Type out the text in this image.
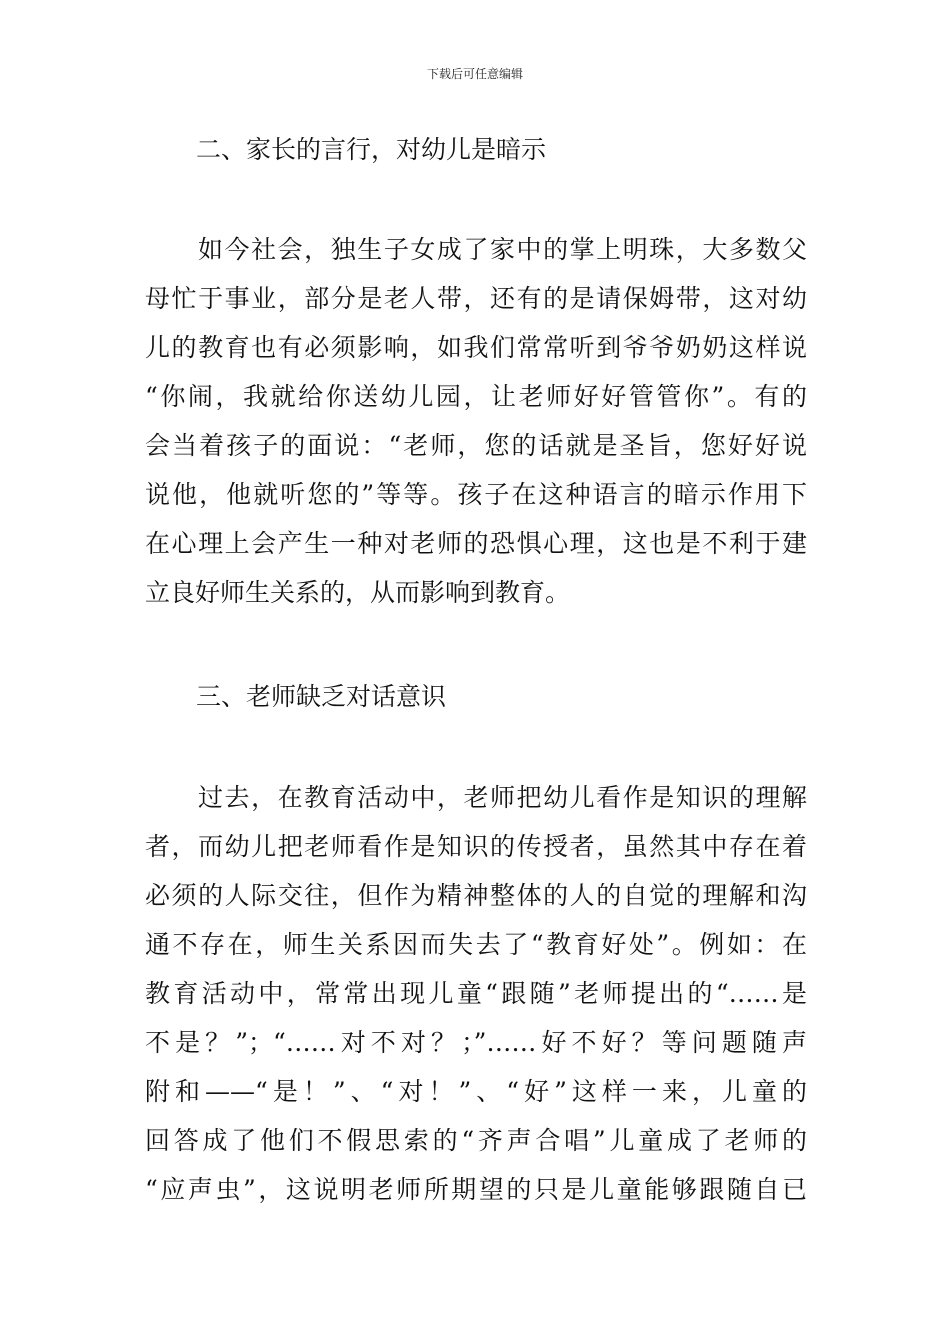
下载后可任意编辑
二、家长的言行，对幼儿是暗示
如今社会，独生子女成了家中的掌上明珠，大多数父
母忙于事业，部分是老人带，还有的是请保姆带，这对幼
儿的教育也有必须影响，如我们常常听到爷爷奶奶这样说
“你闹，我就给你送幼儿园，让老师好好管管你”。有的
会当着孩子的面说：“老师，您的话就是圣旨，您好好说
说他，他就听您的”等等。孩子在这种语言的暗示作用下
在心理上会产生一种对老师的恐惧心理，这也是不利于建
立良好师生关系的，从而影响到教育。
三、老师缺乏对话意识
过去，在教育活动中，老师把幼儿看作是知识的理解
者，而幼儿把老师看作是知识的传授者，虽然其中存在着
必须的人际交往，但作为精神整体的人的自觉的理解和沟
通不存在，师生关系因而失去了“教育好处”。例如：在
教育活动中，常常出现儿童“跟随”老师提出的“……是
不是？”；“……对不对？；”……好不好？等问题随声
附和——“是！”、“对！”、“好”这样一来，儿童的
回答成了他们不假思索的“齐声合唱”儿童成了老师的
“应声虫”，这说明老师所期望的只是儿童能够跟随自已
